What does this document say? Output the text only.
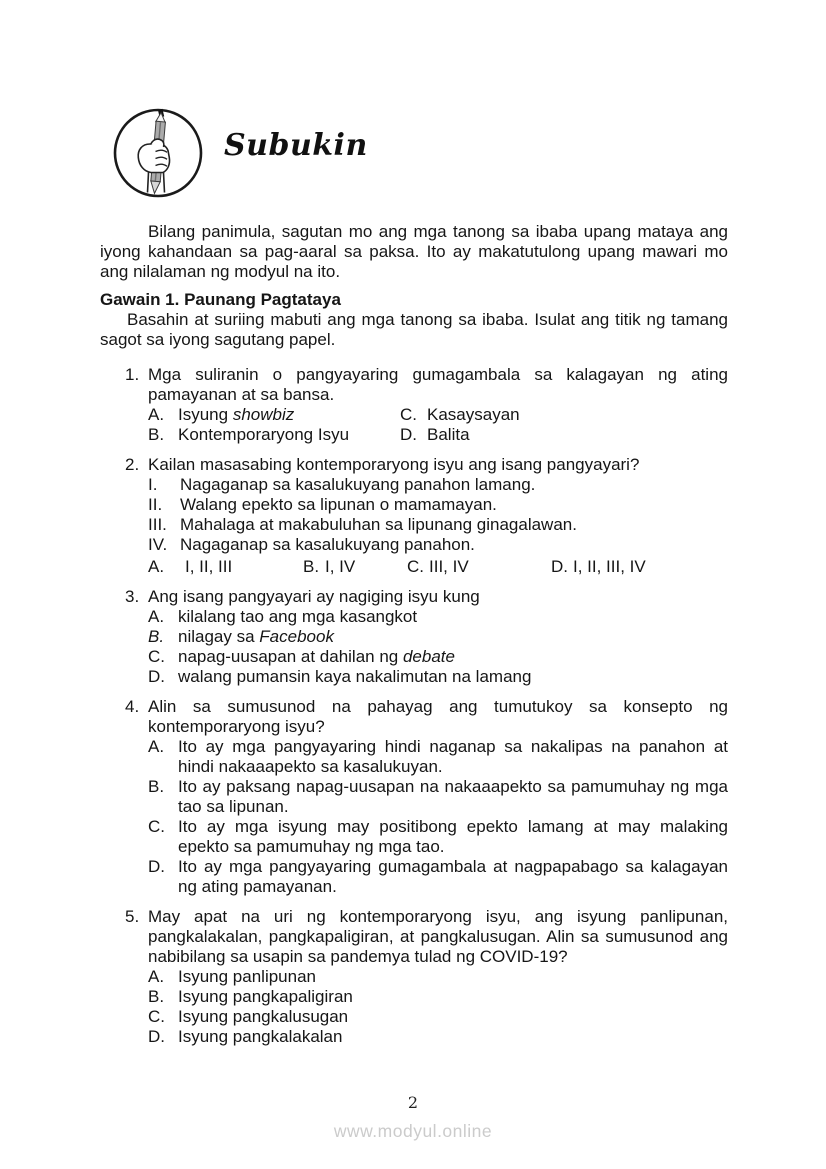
Subukin

Bilang panimula, sagutan mo ang mga tanong sa ibaba upang mataya ang iyong kahandaan sa pag-aaral sa paksa. Ito ay makatutulong upang mawari mo ang nilalaman ng modyul na ito.

Gawain 1. Paunang Pagtataya

Basahin at suriing mabuti ang mga tanong sa ibaba. Isulat ang titik ng tamang sagot sa iyong sagutang papel.

1. Mga suliranin o pangyayaring gumagambala sa kalagayan ng ating pamayanan at sa bansa.

A. Isyung showbiz
B. Kontemporaryong Isyu
C. Kasaysayan
D. Balita
2. Kailan masasabing kontemporaryong isyu ang isang pangyayari?

I.	Nagaganap sa kasalukuyang panahon lamang.
II.	Walang epekto sa lipunan o mamamayan.
III. Mahalaga at makabuluhan sa lipunang ginagalawan.
IV. Nagaganap sa kasalukuyang panahon.
A.	I, II, III	B. I, IV	C. III, IV	D. I, II, III, IV
3. Ang isang pangyayari ay nagiging isyu kung

A. kilalang tao ang mga kasangkot
B. nilagay sa Facebook
C. napag-uusapan at dahilan ng debate
D. walang pumansin kaya nakalimutan na lamang
4. Alin sa sumusunod na pahayag ang tumutukoy sa konsepto ng kontemporaryong isyu?

A. Ito ay mga pangyayaring hindi naganap sa nakalipas na panahon at hindi nakaaapekto sa kasalukuyan.
B. Ito ay paksang napag-uusapan na nakaaapekto sa pamumuhay ng mga tao sa lipunan.
C. Ito ay mga isyung may positibong epekto lamang at may malaking epekto sa pamumuhay ng mga tao.
D. Ito ay mga pangyayaring gumagambala at nagpapabago sa kalagayan ng ating pamayanan.
5. May apat na uri ng kontemporaryong isyu, ang isyung panlipunan, pangkalakalan, pangkapaligiran, at pangkalusugan. Alin sa sumusunod ang nabibilang sa usapin sa pandemya tulad ng COVID-19?

A. Isyung panlipunan
B. Isyung pangkapaligiran
C. Isyung pangkalusugan
D. Isyung pangkalakalan
2
www.modyul.online
